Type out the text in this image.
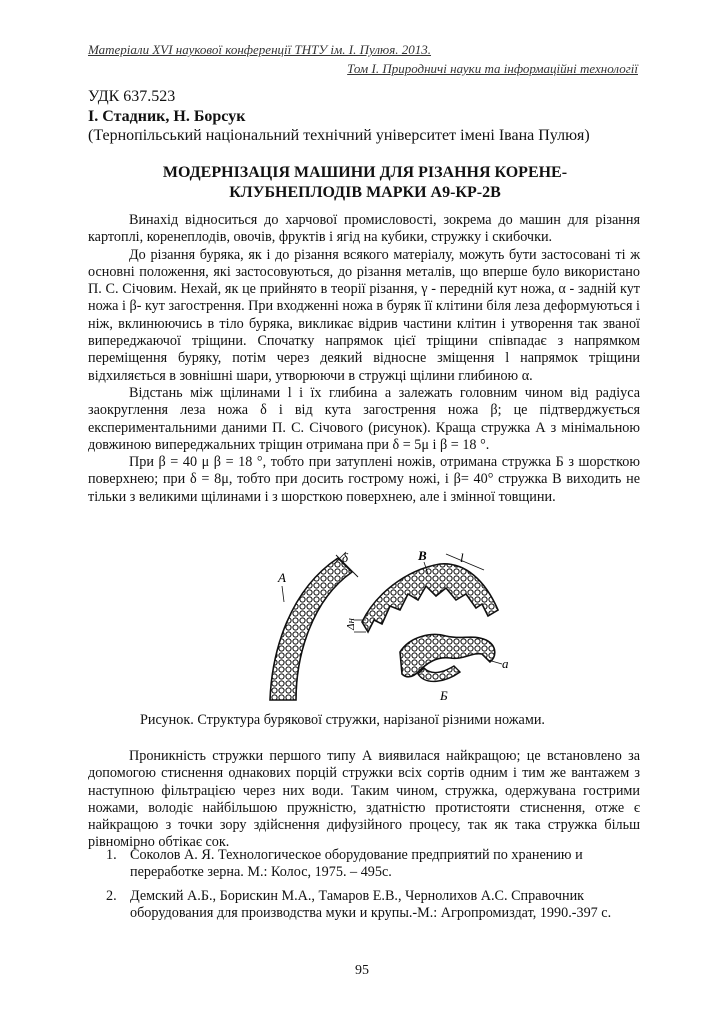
Матеріали XVІ наукової конференції ТНТУ ім. І. Пулюя. 2013.
Том І. Природничі науки та інформаційні технології
УДК 637.523
І. Стадник, Н. Борсук
(Тернопільський національний технічний університет імені Івана Пулюя)
МОДЕРНІЗАЦІЯ МАШИНИ ДЛЯ РІЗАННЯ КОРЕНЕ-
КЛУБНЕПЛОДІВ МАРКИ А9-КР-2В

Винахід відноситься до харчової промисловості, зокрема до машин для різання картоплі, коренеплодів, овочів, фруктів і ягід на кубики, стружку і скибочки.

До різання буряка, як і до різання всякого матеріалу, можуть бути застосовані ті ж основні положення, які застосовуються, до різання металів, що вперше було використано П. С. Січовим. Нехай, як це прийнято в теорії різання, γ - передній кут ножа, α - задній кут ножа і β- кут загострення. При входженні ножа в буряк її клітини біля леза деформуються і ніж, вклинюючись в тіло буряка, викликає відрив частини клітин і утворення так званої випереджаючої тріщини. Спочатку напрямок цієї тріщини співпадає з напрямком переміщення буряку, потім через деякий відносне зміщення l напрямок тріщини відхиляється в зовнішні шари, утворюючи в стружці щілини глибиною α.

Відстань між щілинами l і їх глибина a залежать головним чином від радіуса заокруглення леза ножа δ і від кута загострення ножа β; це підтверджується експериментальними даними П. С. Січового (рисунок). Краща стружка А з мінімальною довжиною випереджальних тріщин отримана при δ = 5μ і β = 18 °.

При β = 40 μ β = 18 °, тобто при затуплені ножів, отримана стружка Б з шорсткою поверхнею; при δ = 8μ, тобто при досить гострому ножі, і β= 40° стружка В виходить не тільки з великими щілинами і з шорсткою поверхнею, але і змінної товщини.

A
δ	В	l
Δн
Б
a
Рисунок. Структура бурякової стружки, нарізаної різними ножами.

Проникність стружки першого типу А виявилася найкращою; це встановлено за допомогою стиснення однакових порцій стружки всіх сортів одним і тим же вантажем з наступною фільтрацією через них води. Таким чином, стружка, одержувана гострими ножами, володіє найбільшою пружністю, здатністю протистояти стиснення, отже є найкращою з точки зору здійснення дифузійного процесу, так як така стружка більш рівномірно обтікає сок.

1. Соколов А. Я. Технологическое оборудование предприятий по хранению и переработке зерна. М.: Колос, 1975. – 495с.
2. Демский А.Б., Борискин М.А., Тамаров Е.В., Чернолихов А.С. Справочник оборудования для производства муки и крупы.-М.: Агропромиздат, 1990.-397 с.
95
